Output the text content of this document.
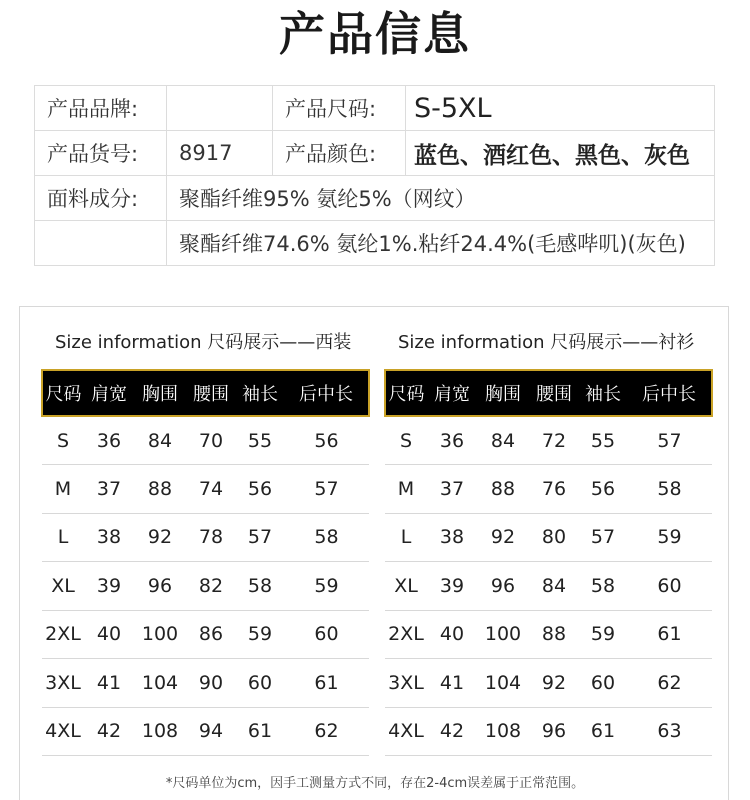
产品信息
产品品牌:		产品尺码:	S-5XL
产品货号:	8917	产品颜色:	蓝色、酒红色、黑色、灰色
面料成分:	聚酯纤维95% 氨纶5%（网纹）		
	聚酯纤维74.6% 氨纶1%.粘纤24.4%(毛感哔叽)(灰色)		
Size information 尺码展示——西装
尺码	肩宽	胸围	腰围	袖长	后中长
S	36	84	70	55	56
M	37	88	74	56	57
L	38	92	78	57	58
XL	39	96	82	58	59
2XL	40	100	86	59	60
3XL	41	104	90	60	61
4XL	42	108	94	61	62
Size information 尺码展示——衬衫
尺码	肩宽	胸围	腰围	袖长	后中长
S	36	84	72	55	57
M	37	88	76	56	58
L	38	92	80	57	59
XL	39	96	84	58	60
2XL	40	100	88	59	61
3XL	41	104	92	60	62
4XL	42	108	96	61	63
*尺码单位为cm，因手工测量方式不同，存在2-4cm误差属于正常范围。
